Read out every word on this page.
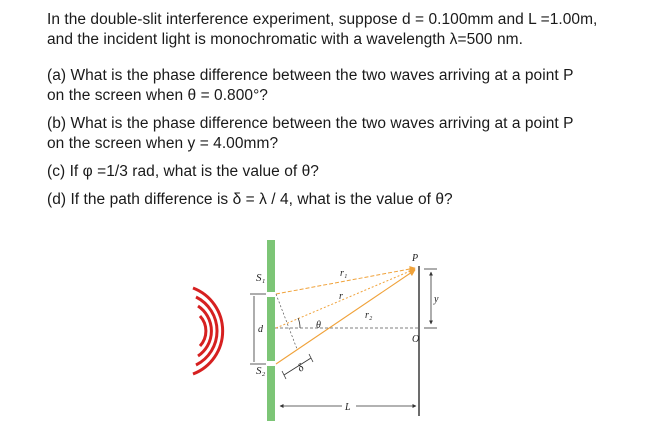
In the double-slit interference experiment, suppose d = 0.100mm and L =1.00m,
and the incident light is monochromatic with a wavelength λ=500 nm.
(a) What is the phase difference between the two waves arriving at a point P
on the screen when θ = 0.800°?
(b) What is the phase difference between the two waves arriving at a point P
on the screen when y = 4.00mm?
(c) If φ =1/3 rad, what is the value of θ?
(d) If the path difference is δ = λ / 4, what is the value of θ?
S₁
S₂
d
r₁
r
r₂
θ
δ
P
y
O
L
